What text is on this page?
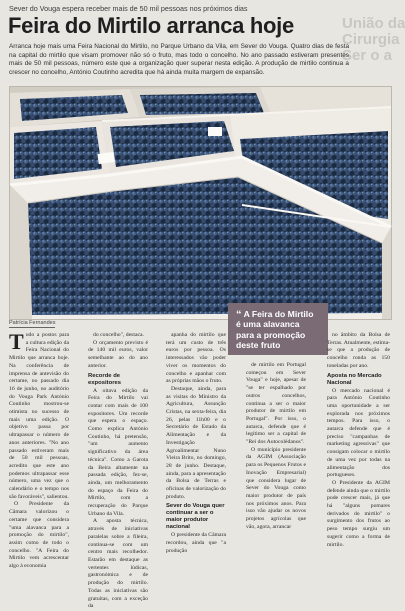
Sever do Vouga espera receber mais de 50 mil pessoas nos próximos dias
Feira do Mirtilo arranca hoje	União da
Cirurgia
Ser o a
Arranca hoje mais uma Feira Nacional do Mirtilo, no Parque Urbano da Vila, em Sever do Vouga. Quatro dias de festa na capital do mirtilo que visam promover não só o fruto, mas todo o concelho. No ano passado estiveram presentes mais de 50 mil pessoas, número este que a organização quer superar nesta edição. A produção de mirtilo continua a crescer no concelho, António Coutinho acredita que há ainda muita margem de expansão.
Patrícia Fernandes
T udo a postos para a cultura edição da Feira Nacional do Mirtilo que arranca hoje. Na conferência de imprensa de antevisão do certame, no passado dia 16 de junho, no auditório do Vouga Park António Coutinho mostrou-se otimista no sucesso de mais uma edição. O objetivo passa por ultrapassar o número de anos anteriores. "No ano passado estiveram mais de 50 mil pessoas, acredito que este ano podemos ultrapassar esse número, uma vez que o calendário e o tempo nos são favoráveis", salientou.

O Presidente da Câmara valorizou o certame que considera "uma alavanca para a promoção do mirtilo", assim como de todo o concelho. "A Feira do Mirtilo vem acrescentar algo à economia

do concelho", destaca.

O orçamento previsto é de 140 mil euros, valor semelhante ao do ano anterior.

Recorde de expositores

A oitava edição da Feira do Mirtilo vai contar com mais de 100 expositores. Um recorde que espera o espaço. Como explica António Coutinho, há pretensão, "um aumento significativo da área técnica". Como a Garota da Beira altamente na passada edição, fez-se, ainda, um melhoramento do espaço da Feira do Mirtilo, com a recuperação do Parque Urbano da Vila.

A aposta técnica, através de iniciativas paralelas sobre a fileira, continua-se com um centro mais recolhedor. Estarão em destaque as vertentes lúdicas, gastronómica e de produção do mirtilo. Todas as iniciativas são gratuitas, com a exceção da

apanha do mirtilo que terá um custo de três euros por pessoa. Os interessados vão poder viver os momentos do concelho e apanhar com as próprias mãos o fruto.

Destaque, ainda, para as visitas do Ministro da Agricultura, Assunção Cristas, na sexta-feira, dia 26, pelas 11h00 e o Secretário de Estado da Alimentação e da Investigação Agroalimentar Nuno Vieira Brito, no domingo, 28 de junho. Destaque, ainda, para a apresentação da Bolsa de Terras e oficinas de valorização do produto.

Sever do Vouga quer continuar a ser o maior produtor nacional

O presidente da Câmara recordou, ainda que "a produção

“ A Feira do Mirtilo é uma alavanca para a promoção deste fruto

de mirtilo em Portugal começou em Sever Vouga" e hoje, apesar de "se ter espalhado por outros concelhos, continua a ser o maior produtor de mirtilo em Portugal". Por isso, o autarca, defende que é legítimo ser a capital de "Rei dos Autocolédanos".

O município presidente da AGIM (Associação para os Pequenos Frutos e Inovação Empresarial) que considera lugar de Sever do Vouga como maior produtor de país nos próximos anos. Para isso vão ajudar os novos projetos agrícolas que vão, agora, arrancar

no âmbito da Bolsa de Terras. Atualmente, estima-se que a produção de concelho ronda as 150 toneladas por ano.

Aposta no Mercado Nacional

O mercado nacional é para António Coutinho uma oportunidade a ser explorada nos próximos tempos. Para isso, o autarca defende que é preciso "campanhas de marketing agressivas" que consigam colocar o mirtilo de uma vez por todas na alimentação dos portugueses.

O Presidente da AGIM defende ainda que o mirtilo pode crescer mais, já que há "alguns pomares derivados do mirtilo" o surgimento dos frutos ao peso tempo surgiu um sugerir como a forma de mirtilo.
